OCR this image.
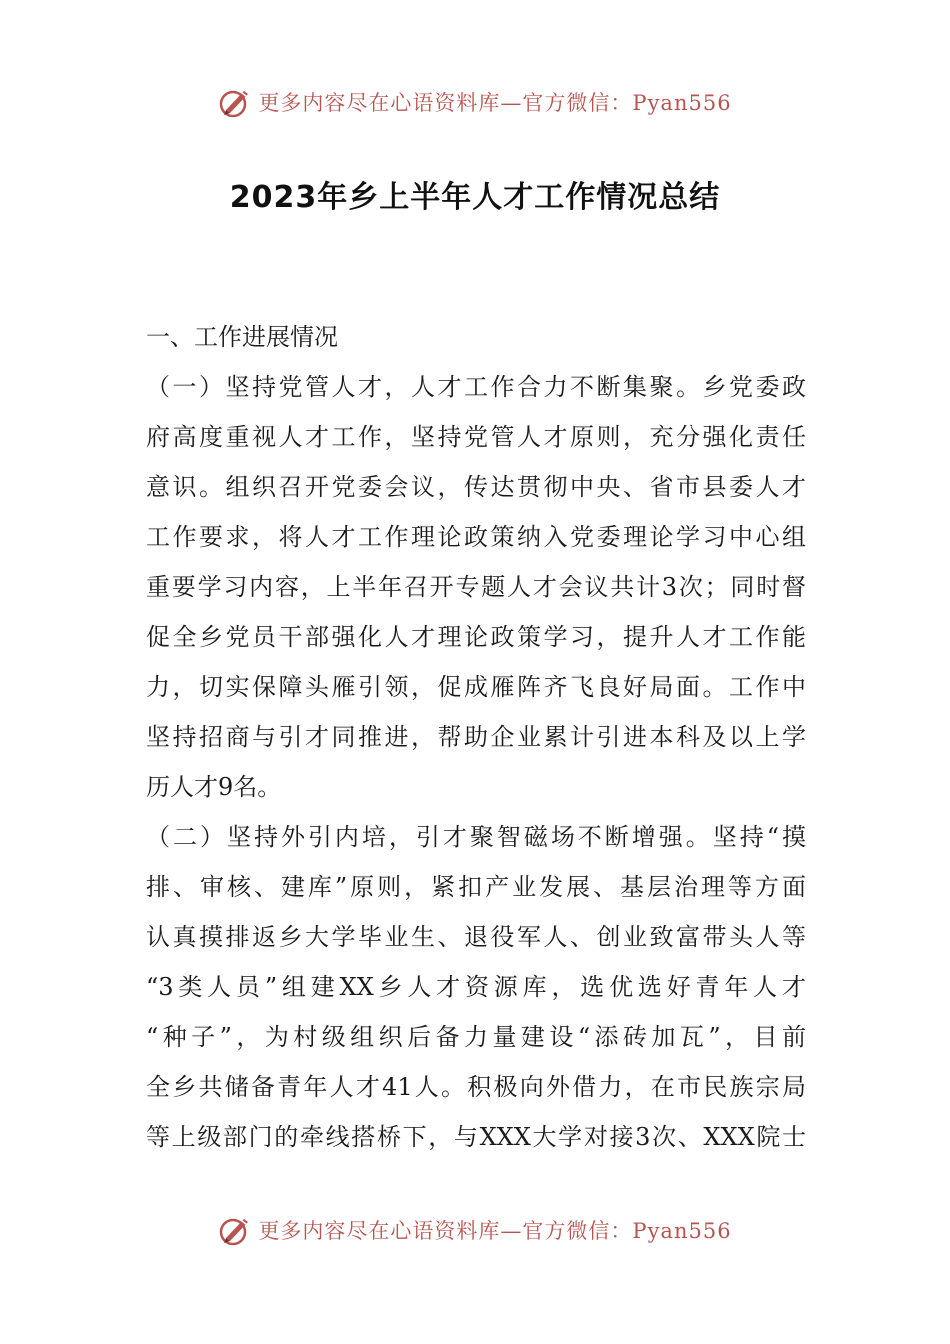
更多内容尽在心语资料库—官方微信：Pyan556
2023年乡上半年人才工作情况总结
一、工作进展情况
（一）坚持党管人才，人才工作合力不断集聚。乡党委政
府高度重视人才工作，坚持党管人才原则，充分强化责任
意识。组织召开党委会议，传达贯彻中央、省市县委人才
工作要求，将人才工作理论政策纳入党委理论学习中心组
重要学习内容，上半年召开专题人才会议共计3次；同时督
促全乡党员干部强化人才理论政策学习，提升人才工作能
力，切实保障头雁引领，促成雁阵齐飞良好局面。工作中
坚持招商与引才同推进，帮助企业累计引进本科及以上学
历人才9名。
（二）坚持外引内培，引才聚智磁场不断增强。坚持“摸
排、审核、建库”原则，紧扣产业发展、基层治理等方面
认真摸排返乡大学毕业生、退役军人、创业致富带头人等
“3类人员”组建XX乡人才资源库，选优选好青年人才
“种子”，为村级组织后备力量建设“添砖加瓦”，目前
全乡共储备青年人才41人。积极向外借力，在市民族宗局
等上级部门的牵线搭桥下，与XXX大学对接3次、XXX院士
更多内容尽在心语资料库—官方微信：Pyan556
